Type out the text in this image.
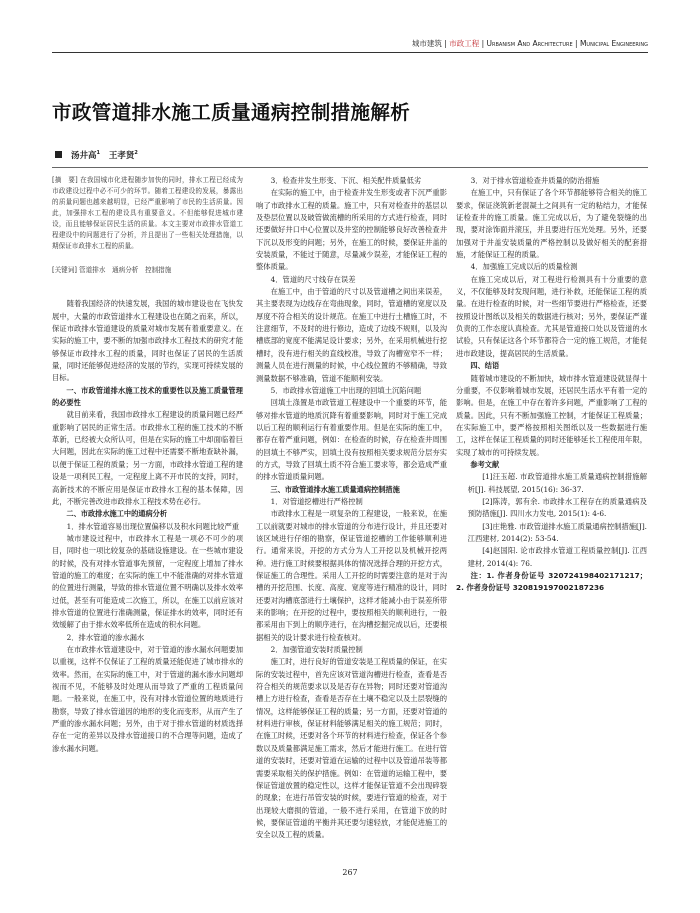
城市建筑 | 市政工程 | Urbanism And Architecture | Municipal Engineering
市政管道排水施工质量通病控制措施解析
汤井高$^1$ 王孝贤$^2$

[摘　要] 在我国城市化进程随步加快的同时，排水工程已经成为市政建设过程中必不可少的环节。随着工程建设的发展，暴露出的质量问题也越来越明显，已经严重影响了市民的生活质量。因此，加强排水工程的建设具有重要意义。不但能够促进城市建设，而且能够保证居民生活的质量。本文主要对市政排水管道工程建设中的问题进行了分析，并且提出了一些相关处理措施，以期保证市政排水工程的质量。

[关键词] 管道排水　通病分析　控制措施

随着我国经济的快速发展，我国的城市建设也在飞快发展中，大量的市政管道排水工程建设也在随之而来，所以，保证市政排水管道建设的质量对城市发展有着重要意义。在实际的施工中，要不断的加强市政排水工程技术的研究才能够保证市政排水工程的质量，同时也保证了居民的生活质量，同时还能够促进经济的发展的节约，实现可持续发展的目标。

一、市政管道排水施工技术的重要性以及施工质量管理的必要性

就目前来看，我国市政排水工程建设的质量问题已经严重影响了居民的正常生活。市政排水工程的施工技术的不断革新，已经被大众所认可，但是在实际的施工中却面临着巨大问题，因此在实际的施工过程中还需要不断地查缺补漏，以便于保证工程的质量；另一方面，市政排水管道工程的建设是一项利民工程，一定程度上离不开市民的支持，同时，高新技术的不断应用是保证市政排水工程的基本保障，因此，不断完善改进市政排水工程技术势在必行。

二、市政排水施工中的通病分析

1．排水管道容易出现位置偏移以及积水问题比较严重

城市建设过程中，市政排水工程是一项必不可少的项目，同时也一项比较复杂的基础设施建设。在一些城市建设的时候，没有对排水管道事先预留，一定程度上增加了排水管道的施工的难度；在实际的施工中不能准确的对排水管道的位置进行测量，导致的排水管道位置不明确以及排水效率过低，甚至有可能造成二次施工，所以，在施工以前应该对排水管道的位置进行准确测量，保证排水的效率，同时还有效缓解了由于排水效率低所在造成的积水问题。

2．排水管道的渗水漏水

在市政排水管道建设中，对于管道的渗水漏水问题要加以重视，这样不仅保证了工程的质量还能促进了城市排水的效率。然而，在实际的施工中，对于管道的漏水渗水问题却视而不见，不能够及时处理从而导致了严重的工程质量问题。一般来说，在施工中，没有对排水管道位置的地质进行勘察，导致了排水管道因的地形的变化而变形，从而产生了严重的渗水漏水问题；另外，由于对于排水管道的材质选择存在一定的差异以及排水管道接口的不合理等问题，造成了渗水漏水问题。

3．检查井发生形变、下沉、相关配件质量低劣

在实际的施工中，由于检查井发生形变或者下沉严重影响了市政排水工程的质量。施工中，只有对检查井的基层以及垫层位置以及破管做流槽的所采用的方式进行检查，同时还要做好井口中心位置以及井室的控制能够良好改善检查井下沉以及形变的问题；另外，在施工的时候，要保证井盖的安装质量，不能过于随意，尽量减少误差，才能保证工程的整体质量。

4．管道的尺寸线存在误差

在施工中，由于管道的尺寸以及管道槽之间出来误差，其主要表现为边线存在弯曲现象，同时，管道槽的宽度以及厚度不符合相关的设计规范。在施工中进行土槽施工时，不注意细节，不及时的进行修边，造成了边线不规则，以及沟槽底部的宽度不能满足设计要求；另外，在采用机械进行挖槽时，没有进行相关的直线校准，导致了沟槽宽窄不一样；测量人员在进行测量的时候，中心线位置的不够精确，导致测量数据不够准确，管道不能顺利安装。

5．市政排水管道施工中出现的回填土沉陷问题

回填土涤置是市政管道工程建设中一个重要的环节，能够对排水管道的地质沉降有着重要影响，同时对于施工完成以后工程的顺利运行有着重要作用。但是在实际的施工中，都存在着严重问题，例如：在检查的时候，存在检查井周围的回填土不够严实，回填土没有按照相关要求规范分层夯实的方式，导致了回填土质不符合施工要求等，都会造成严重的排水管道质量问题。

三、市政管道排水施工质量通病控制措施

1．对管道挖槽进行严格控制

市政排水工程是一项复杂的工程建设，一般来说，在施工以前就要对城市的排水管道的分布进行设计，并且还要对该区域进行仔细的勘察，保证管道挖槽的工作能够顺利进行。通常来说，开挖的方式分为人工开挖以及机械开挖两种。进行施工时候要根据具体的情况选择合理的开挖方式，保证施工的合理性。采用人工开挖的时需要注意的是对于沟槽的开挖范围、长度、高度、宽度等进行精准的设计，同时还要对沟槽底部进行土壤保护，这样才能减小由于误差所带来的影响；在开挖的过程中，要按照相关的顺利进行，一般都采用由下到上的顺序进行，在沟槽挖掘完成以后，还要根据相关的设计要求进行检查核对。

2．加强管道安装时质量控制

施工时，进行良好的管道安装是工程质量的保证，在实际的安装过程中，首先应该对管道沟槽进行检查，查看是否符合相关的规范要求以及是否存在异物；同时还要对管道沟槽上方进行检查，查看是否存在土壤不稳定以及土层裂缝的情况，这样能够保证工程的质量；另一方面，还要对管道的材料进行审核，保证材料能够满足相关的施工规范；同时，在施工时候，还要对各个环节的材料进行检查，保证各个参数以及质量都满足施工需求，然后才能进行施工。在进行管道的安装时，还要对管道在运输的过程中以及管道吊装等都需要采取相关的保护措施。例如：在管道的运输工程中，要保证管道放置的稳定性以，这样才能保证管道不会出现碎裂的现象；在进行吊管安装的时候，要进行管道的检查，对于出现较大磨损的管道，一般不进行采用，在管道下放的时候，要保证管道的平衡并其还要匀速轻放，才能促进施工的安全以及工程的质量。

3．对于排水管道检查井质量的防治措施

在施工中，只有保证了各个环节都能够符合相关的施工要求，保证浇筑新老混凝土之间具有一定的粘结力，才能保证检查井的施工质量。施工完成以后，为了避免裂缝的出现，要对涂饰面并滚压，并且要进行压光处理。另外，还要加强对于井盖安装质量的严格控制以及做好相关的配套措施，才能保证工程的质量。

4．加强施工完成以后的质量检测

在施工完成以后，对工程进行检测具有十分重要的意义，不仅能够及时发现问题，进行补救，还能保证工程的质量。在进行检查的时候，对一些细节要进行严格检查，还要按照设计图纸以及相关的数据进行核对；另外，要保证严谨负责的工作态度认真检查。尤其是管道接口处以及管道的水试验，只有保证这各个环节都符合一定的施工规范，才能促进市政建设，提高居民的生活质量。

四、结语

随着城市建设的不断加快，城市排水管道建设就显得十分重要，不仅影响着城市发展，还居民生活水平有着一定的影响。但是，在施工中存在着许多问题，严重影响了工程的质量。因此，只有不断加强施工控制，才能保证工程质量；在实际施工中，要严格按照相关图纸以及一些数据进行施工，这样在保证工程质量的同时还能够延长工程使用年限，实现了城市的可持续发展。

参考文献

[1]汪玉超. 市政管道排水施工质量通病控制措施解析[J]. 科技展望, 2015(16): 36-37.

[2]陈涛，郭有余. 市政排水工程存在的质量通病及预防措施[J]. 四川水力发电, 2015(1): 4-6.

[3]庄艳雅. 市政管道排水施工质量通病控制措施[J]. 江西建材, 2014(2): 53-54.

[4]赵国阳. 论市政排水管道工程质量控制[J]. 江西建材, 2014(4): 76.

注：1. 作者身份证号 320724198402171217；2. 作者身份证号 320819197002187236

267
